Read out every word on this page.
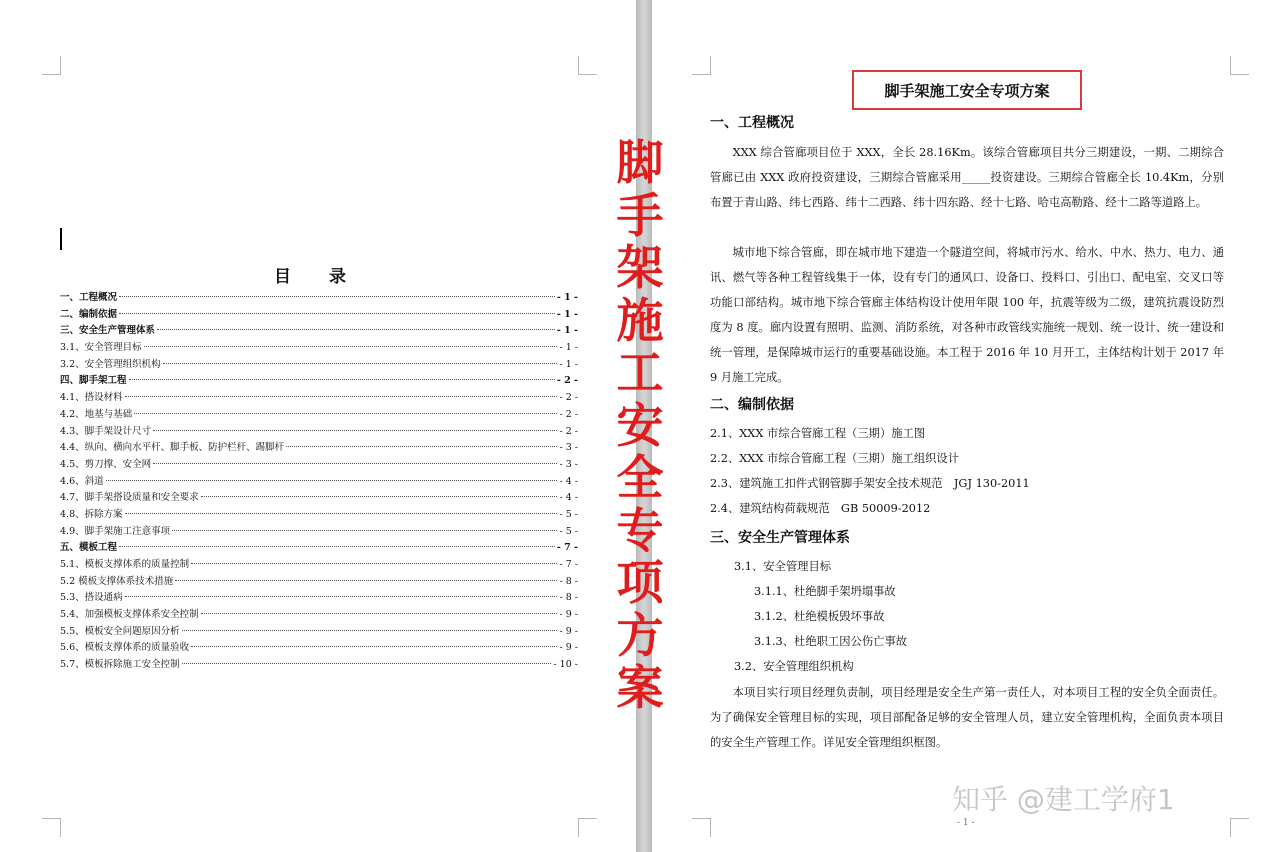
目 录
一、工程概况	- 1 -
二、编制依据	- 1 -
三、安全生产管理体系	- 1 -
3.1、安全管理目标	- 1 -
3.2、安全管理组织机构	- 1 -
四、脚手架工程	- 2 -
4.1、搭设材料	- 2 -
4.2、地基与基础	- 2 -
4.3、脚手架设计尺寸	- 2 -
4.4、纵向、横向水平杆、脚手板、防护栏杆、踢脚杆	- 3 -
4.5、剪刀撑、安全网	- 3 -
4.6、斜道	- 4 -
4.7、脚手架搭设质量和安全要求	- 4 -
4.8、拆除方案	- 5 -
4.9、脚手架施工注意事项	- 5 -
五、模板工程	- 7 -
5.1、模板支撑体系的质量控制	- 7 -
5.2 模板支撑体系技术措施	- 8 -
5.3、搭设通病	- 8 -
5.4、加强模板支撑体系安全控制	- 9 -
5.5、模板安全问题原因分析	- 9 -
5.6、模板支撑体系的质量验收	- 9 -
5.7、模板拆除施工安全控制	- 10 -
脚手架施工安全专项方案
一、工程概况
XXX 综合管廊项目位于 XXX，全长 28.16Km。该综合管廊项目共分三期建设，一期、二期综合管廊已由 XXX 政府投资建设，三期综合管廊采用_____投资建设。三期综合管廊全长 10.4Km，分别布置于青山路、纬七西路、纬十二西路、纬十四东路、经十七路、哈屯高勒路、经十二路等道路上。
城市地下综合管廊，即在城市地下建造一个隧道空间，将城市污水、给水、中水、热力、电力、通讯、燃气等各种工程管线集于一体，设有专门的通风口、设备口、投料口、引出口、配电室、交叉口等功能口部结构。城市地下综合管廊主体结构设计使用年限 100 年，抗震等级为二级，建筑抗震设防烈度为 8 度。廊内设置有照明、监测、消防系统，对各种市政管线实施统一规划、统一设计、统一建设和统一管理，是保障城市运行的重要基础设施。本工程于 2016 年 10 月开工，主体结构计划于 2017 年 9 月施工完成。
二、编制依据
2.1、XXX 市综合管廊工程（三期）施工图
2.2、XXX 市综合管廊工程（三期）施工组织设计
2.3、建筑施工扣件式钢管脚手架安全技术规范　JGJ 130-2011
2.4、建筑结构荷载规范　GB 50009-2012
三、安全生产管理体系
3.1、安全管理目标
3.1.1、杜绝脚手架坍塌事故
3.1.2、杜绝模板毁坏事故
3.1.3、杜绝职工因公伤亡事故
3.2、安全管理组织机构
本项目实行项目经理负责制，项目经理是安全生产第一责任人，对本项目工程的安全负全面责任。为了确保安全管理目标的实现，项目部配备足够的安全管理人员，建立安全管理机构，全面负责本项目的安全生产管理工作。详见安全管理组织框图。
知乎 @建工学府1
- 1 -
脚手架施工安全专项方案
